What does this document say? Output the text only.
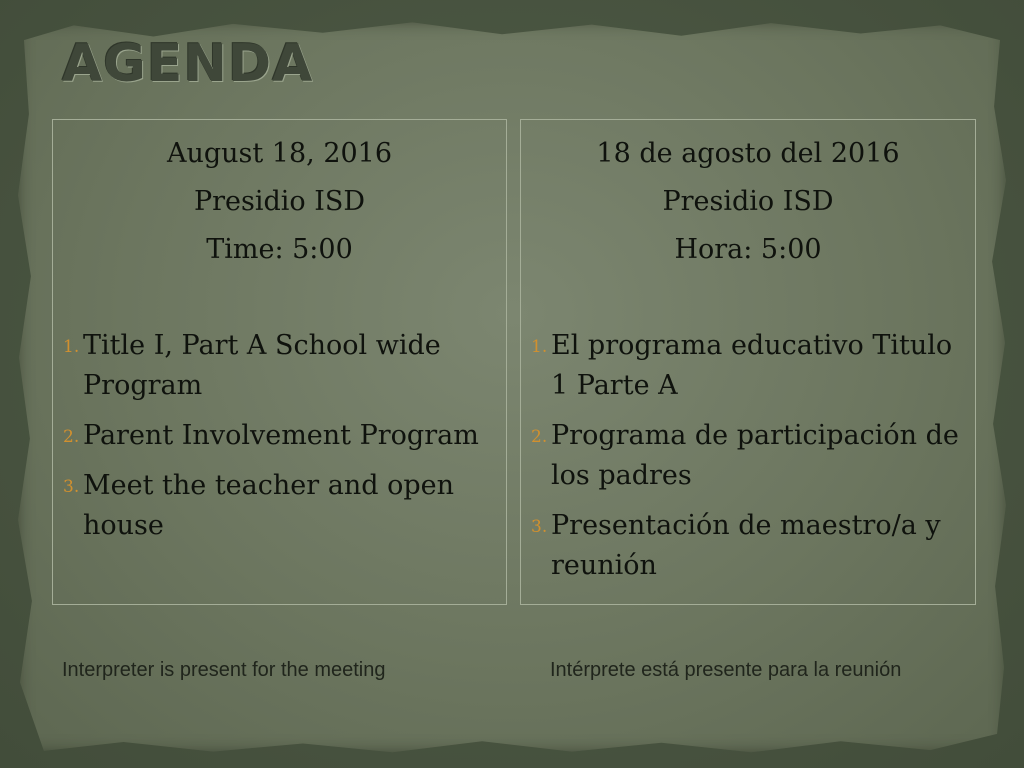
AGENDA
August 18, 2016
Presidio ISD
Time: 5:00
1. Title I, Part A School wide Program
2. Parent Involvement Program
3. Meet the teacher and open house
18 de agosto del 2016
Presidio ISD
Hora: 5:00
1. El programa educativo Titulo 1 Parte A
2. Programa de participación de los padres
3. Presentación de maestro/a y reunión
Interpreter is present for the meeting	Intérprete está presente para la reunión
